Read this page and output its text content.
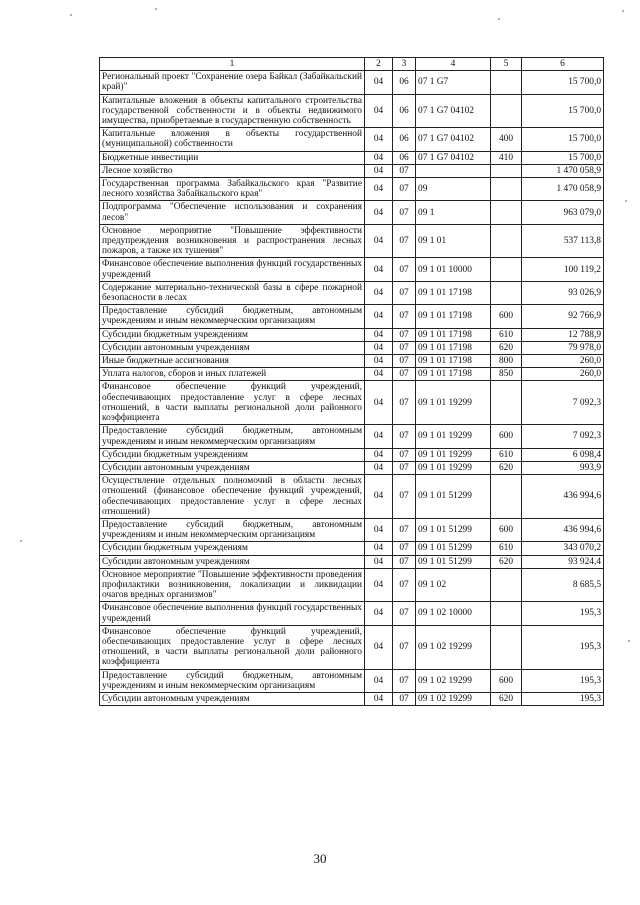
1	2	3	4	5	6
Региональный проект "Сохранение озера Байкал (Забайкальский край)"	04	06	07 1 G7		15 700,0
Капитальные вложения в объекты капитального строительства государственной собственности и в объекты недвижимого имущества, приобретаемые в государственную собственность	04	06	07 1 G7 04102		15 700,0
Капитальные вложения в объекты государственной (муниципальной) собственности	04	06	07 1 G7 04102	400	15 700,0
Бюджетные инвестиции	04	06	07 1 G7 04102	410	15 700,0
Лесное хозяйство	04	07			1 470 058,9
Государственная программа Забайкальского края "Развитие лесного хозяйства Забайкальского края"	04	07	09		1 470 058,9
Подпрограмма "Обеспечение использования и сохранения лесов"	04	07	09 1		963 079,0
Основное мероприятие "Повышение эффективности предупреждения возникновения и распространения лесных пожаров, а также их тушения"	04	07	09 1 01		537 113,8
Финансовое обеспечение выполнения функций государственных учреждений	04	07	09 1 01 10000		100 119,2
Содержание материально-технической базы в сфере пожарной безопасности в лесах	04	07	09 1 01 17198		93 026,9
Предоставление субсидий бюджетным, автономным учреждениям и иным некоммерческим организациям	04	07	09 1 01 17198	600	92 766,9
Субсидии бюджетным учреждениям	04	07	09 1 01 17198	610	12 788,9
Субсидии автономным учреждениям	04	07	09 1 01 17198	620	79 978,0
Иные бюджетные ассигнования	04	07	09 1 01 17198	800	260,0
Уплата налогов, сборов и иных платежей	04	07	09 1 01 17198	850	260,0
Финансовое обеспечение функций учреждений, обеспечивающих предоставление услуг в сфере лесных отношений, в части выплаты региональной доли районного коэффициента	04	07	09 1 01 19299		7 092,3
Предоставление субсидий бюджетным, автономным учреждениям и иным некоммерческим организациям	04	07	09 1 01 19299	600	7 092,3
Субсидии бюджетным учреждениям	04	07	09 1 01 19299	610	6 098,4
Субсидии автономным учреждениям	04	07	09 1 01 19299	620	993,9
Осуществление отдельных полномочий в области лесных отношений (финансовое обеспечение функций учреждений, обеспечивающих предоставление услуг в сфере лесных отношений)	04	07	09 1 01 51299		436 994,6
Предоставление субсидий бюджетным, автономным учреждениям и иным некоммерческим организациям	04	07	09 1 01 51299	600	436 994,6
Субсидии бюджетным учреждениям	04	07	09 1 01 51299	610	343 070,2
Субсидии автономным учреждениям	04	07	09 1 01 51299	620	93 924,4
Основное мероприятие "Повышение эффективности проведения профилактики возникновения, локализации и ликвидации очагов вредных организмов"	04	07	09 1 02		8 685,5
Финансовое обеспечение выполнения функций государственных учреждений	04	07	09 1 02 10000		195,3
Финансовое обеспечение функций учреждений, обеспечивающих предоставление услуг в сфере лесных отношений, в части выплаты региональной доли районного коэффициента	04	07	09 1 02 19299		195,3
Предоставление субсидий бюджетным, автономным учреждениям и иным некоммерческим организациям	04	07	09 1 02 19299	600	195,3
Субсидии автономным учреждениям	04	07	09 1 02 19299	620	195,3
30
